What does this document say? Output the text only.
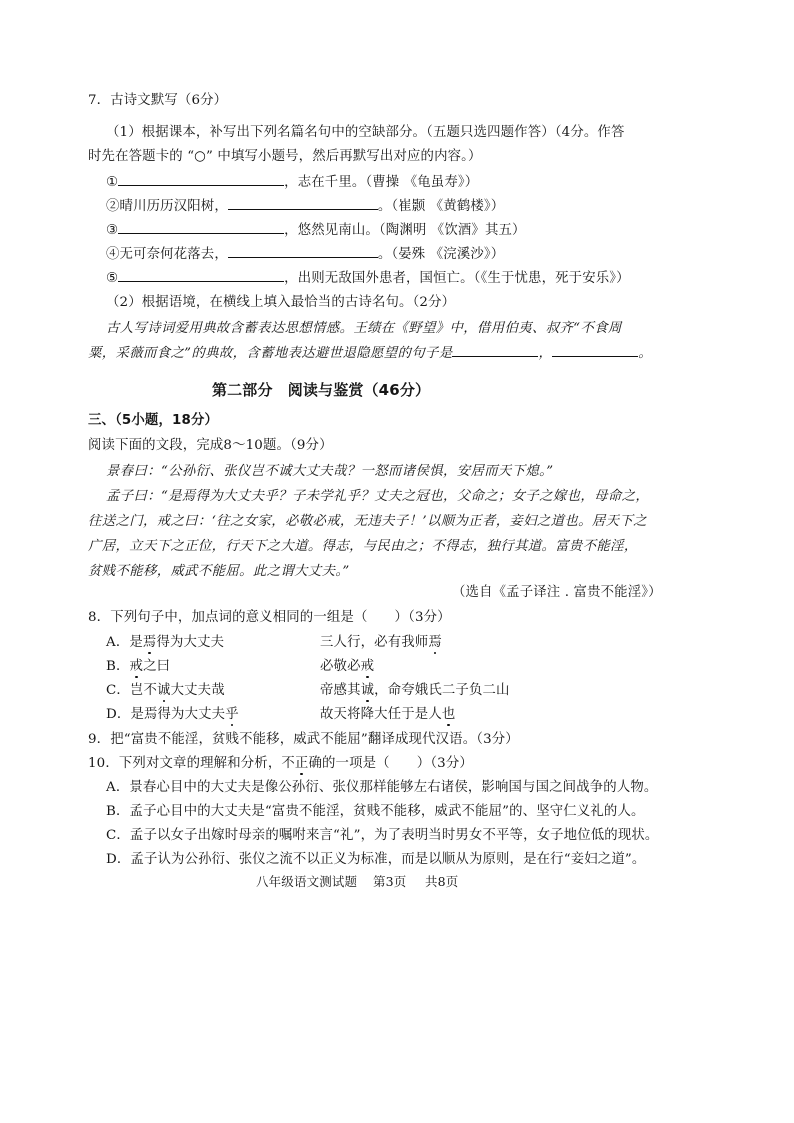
7．古诗文默写（6分）
（1）根据课本，补写出下列名篇名句中的空缺部分。（五题只选四题作答）（4分。作答
时先在答题卡的 “○” 中填写小题号，然后再默写出对应的内容。）
①	，志在千里。（曹操 《龟虽寿》）
②晴川历历汉阳树，	。（崔颢 《黄鹤楼》）
③	，悠然见南山。（陶渊明 《饮酒》其五）
④无可奈何花落去，	。（晏殊 《浣溪沙》）
⑤	，出则无敌国外患者，国恒亡。（《生于忧患，死于安乐》）
（2）根据语境，在横线上填入最恰当的古诗名句。（2分）
古人写诗词爱用典故含蓄表达思想情感。王绩在《野望》中，借用伯夷、叔齐“不食周
粟，采薇而食之”的典故，含蓄地表达避世退隐愿望的句子是	，	。
第二部分　阅读与鉴赏（46分）
三、（5小题，18分）
阅读下面的文段，完成8～10题。（9分）
景春曰：“公孙衍、张仪岂不诚大丈夫哉？一怒而诸侯惧，安居而天下熄。”
孟子曰：“是焉得为大丈夫乎？子未学礼乎？丈夫之冠也，父命之；女子之嫁也，母命之，
往送之门，戒之曰：‘往之女家，必敬必戒，无违夫子！’以顺为正者，妾妇之道也。居天下之
广居，立天下之正位，行天下之大道。得志，与民由之；不得志，独行其道。富贵不能淫，
贫贱不能移，威武不能屈。此之谓大丈夫。”
（选自《孟子译注 . 富贵不能淫》）
8．下列句子中，加点词的意义相同的一组是（　　）（3分）
A．是焉得为大丈夫	三人行，必有我师焉
B．戒之曰	必敬必戒
C．岂不诚大丈夫哉	帝感其诚，命夸娥氏二子负二山
D．是焉得为大丈夫乎	故天将降大任于是人也
9．把“富贵不能淫，贫贱不能移，威武不能屈”翻译成现代汉语。（3分）
10．下列对文章的理解和分析，不正确的一项是（　　）（3分）
A．景春心目中的大丈夫是像公孙衍、张仪那样能够左右诸侯，影响国与国之间战争的人物。
B．孟子心目中的大丈夫是“富贵不能淫，贫贱不能移，威武不能屈”的、坚守仁义礼的人。
C．孟子以女子出嫁时母亲的嘱咐来言“礼”，为了表明当时男女不平等，女子地位低的现状。
D．孟子认为公孙衍、张仪之流不以正义为标准，而是以顺从为原则，是在行“妾妇之道”。
八年级语文测试题 第3页 共8页
